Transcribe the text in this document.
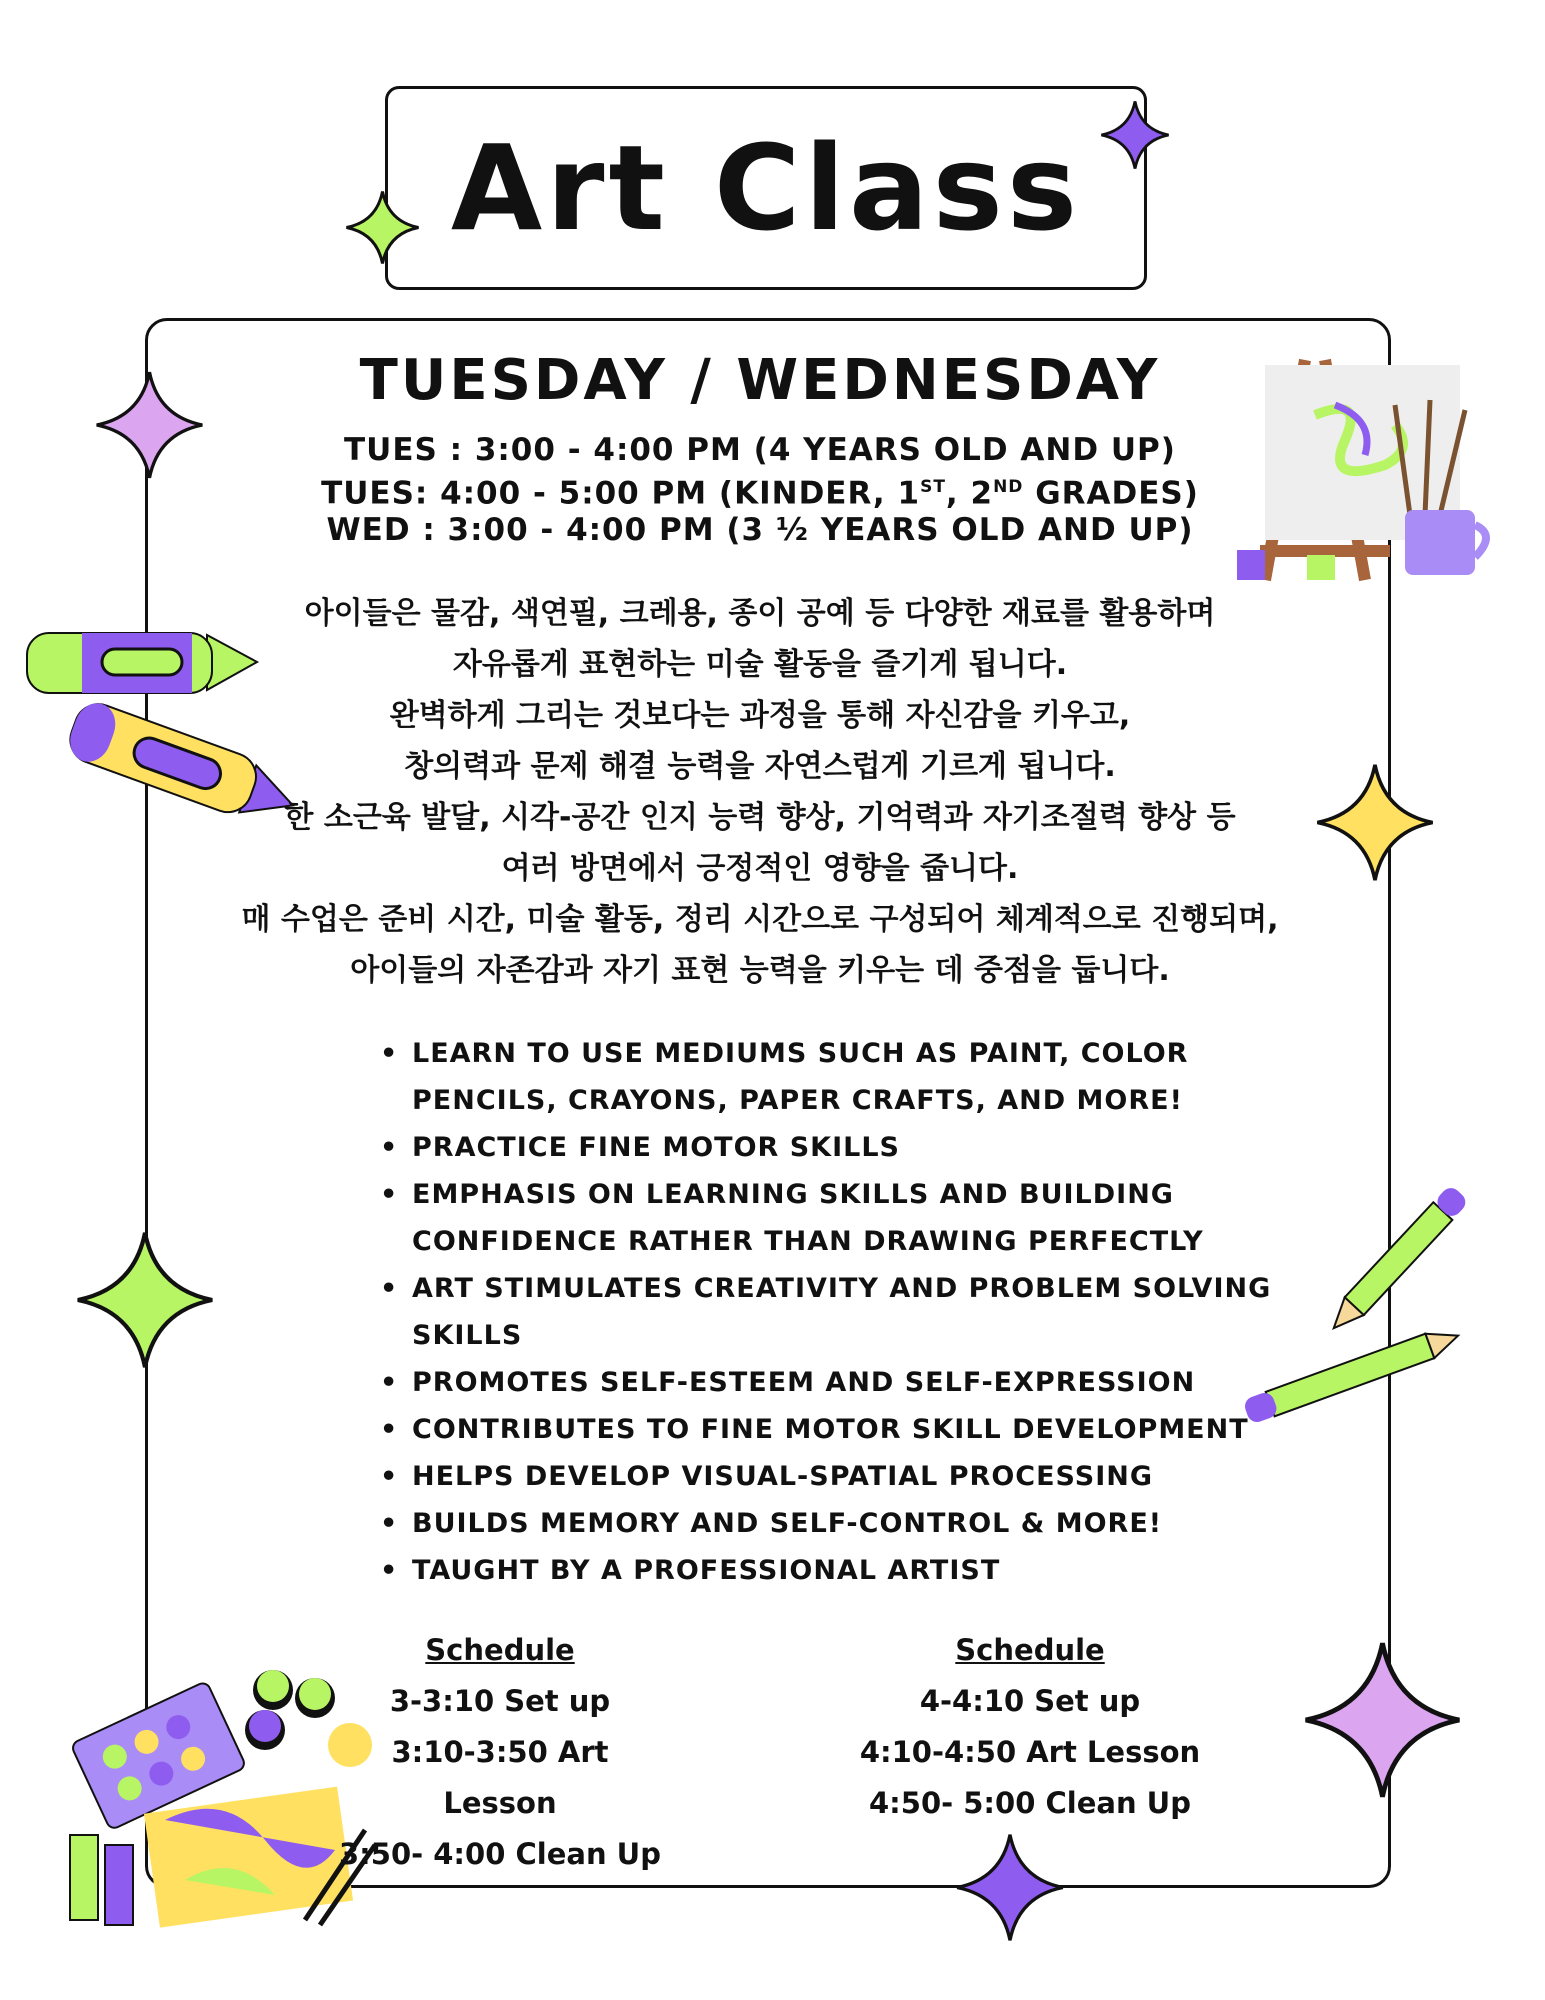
Art Class
TUESDAY / WEDNESDAY
TUES : 3:00 - 4:00 PM (4 YEARS OLD AND UP)
TUES: 4:00 - 5:00 PM (KINDER, 1ST, 2ND GRADES)
WED : 3:00 - 4:00 PM (3 ½ YEARS OLD AND UP)

아이들은 물감, 색연필, 크레용, 종이 공예 등 다양한 재료를 활용하며

자유롭게 표현하는 미술 활동을 즐기게 됩니다.

완벽하게 그리는 것보다는 과정을 통해 자신감을 키우고,

창의력과 문제 해결 능력을 자연스럽게 기르게 됩니다.

한 소근육 발달, 시각-공간 인지 능력 향상, 기억력과 자기조절력 향상 등

여러 방면에서 긍정적인 영향을 줍니다.

매 수업은 준비 시간, 미술 활동, 정리 시간으로 구성되어 체계적으로 진행되며,

아이들의 자존감과 자기 표현 능력을 키우는 데 중점을 둡니다.

• LEARN TO USE MEDIUMS SUCH AS PAINT, COLOR PENCILS, CRAYONS, PAPER CRAFTS, AND MORE!
• PRACTICE FINE MOTOR SKILLS
• EMPHASIS ON LEARNING SKILLS AND BUILDING CONFIDENCE RATHER THAN DRAWING PERFECTLY
• ART STIMULATES CREATIVITY AND PROBLEM SOLVING SKILLS
• PROMOTES SELF-ESTEEM AND SELF-EXPRESSION
• CONTRIBUTES TO FINE MOTOR SKILL DEVELOPMENT
• HELPS DEVELOP VISUAL-SPATIAL PROCESSING
• BUILDS MEMORY AND SELF-CONTROL & MORE!
• TAUGHT BY A PROFESSIONAL ARTIST
Schedule
3-3:10 Set up
3:10-3:50 Art Lesson
3:50- 4:00 Clean Up
Schedule
4-4:10 Set up
4:10-4:50 Art Lesson
4:50- 5:00 Clean Up
